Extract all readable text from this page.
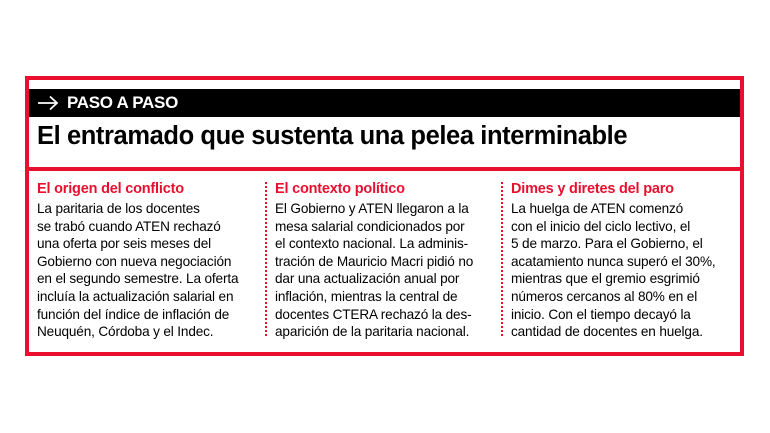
PASO A PASO
El entramado que sustenta una pelea interminable
El origen del conflicto

La paritaria de los docentes
se trabó cuando ATEN rechazó
una oferta por seis meses del
Gobierno con nueva negociación
en el segundo semestre. La oferta
incluía la actualización salarial en
función del índice de inflación de
Neuquén, Córdoba y el Indec.

El contexto político

El Gobierno y ATEN llegaron a la
mesa salarial condicionados por
el contexto nacional. La adminis-
tración de Mauricio Macri pidió no
dar una actualización anual por
inflación, mientras la central de
docentes CTERA rechazó la des-
aparición de la paritaria nacional.

Dimes y diretes del paro

La huelga de ATEN comenzó
con el inicio del ciclo lectivo, el
5 de marzo. Para el Gobierno, el
acatamiento nunca superó el 30%,
mientras que el gremio esgrimió
números cercanos al 80% en el
inicio. Con el tiempo decayó la
cantidad de docentes en huelga.
